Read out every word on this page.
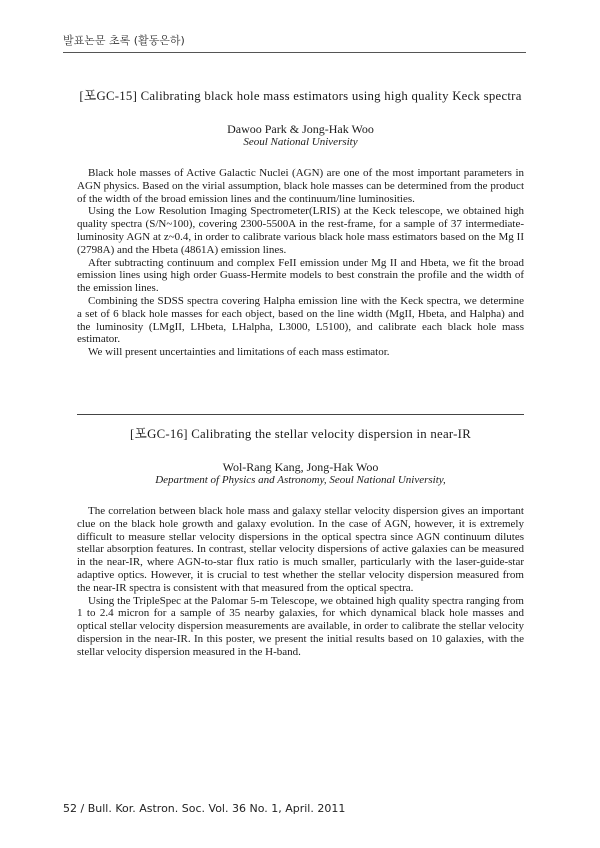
발표논문 초록 (활동은하)

[포GC-15] Calibrating black hole mass estimators using high quality Keck spectra

Dawoo Park & Jong-Hak Woo

Seoul National University

Black hole masses of Active Galactic Nuclei (AGN) are one of the most important parameters in AGN physics. Based on the virial assumption, black hole masses can be determined from the product of the width of the broad emission lines and the continuum/line luminosities.

Using the Low Resolution Imaging Spectrometer(LRIS) at the Keck telescope, we obtained high quality spectra (S/N~100), covering 2300-5500A in the rest-frame, for a sample of 37 intermediate-luminosity AGN at z~0.4, in order to calibrate various black hole mass estimators based on the Mg II (2798A) and the Hbeta (4861A) emission lines.

After subtracting continuum and complex FeII emission under Mg II and Hbeta, we fit the broad emission lines using high order Guass-Hermite models to best constrain the profile and the width of the emission lines.

Combining the SDSS spectra covering Halpha emission line with the Keck spectra, we determine a set of 6 black hole masses for each object, based on the line width (MgII, Hbeta, and Halpha) and the luminosity (LMgII, LHbeta, LHalpha, L3000, L5100), and calibrate each black hole mass estimator.

We will present uncertainties and limitations of each mass estimator.

[포GC-16] Calibrating the stellar velocity dispersion in near-IR

Wol-Rang Kang, Jong-Hak Woo

Department of Physics and Astronomy, Seoul National University,

The correlation between black hole mass and galaxy stellar velocity dispersion gives an important clue on the black hole growth and galaxy evolution. In the case of AGN, however, it is extremely difficult to measure stellar velocity dispersions in the optical spectra since AGN continuum dilutes stellar absorption features. In contrast, stellar velocity dispersions of active galaxies can be measured in the near-IR, where AGN-to-star flux ratio is much smaller, particularly with the laser-guide-star adaptive optics. However, it is crucial to test whether the stellar velocity dispersion measured from the near-IR spectra is consistent with that measured from the optical spectra.

Using the TripleSpec at the Palomar 5-m Telescope, we obtained high quality spectra ranging from 1 to 2.4 micron for a sample of 35 nearby galaxies, for which dynamical black hole masses and optical stellar velocity dispersion measurements are available, in order to calibrate the stellar velocity dispersion in the near-IR. In this poster, we present the initial results based on 10 galaxies, with the stellar velocity dispersion measured in the H-band.

52 / Bull. Kor. Astron. Soc. Vol. 36 No. 1, April. 2011
